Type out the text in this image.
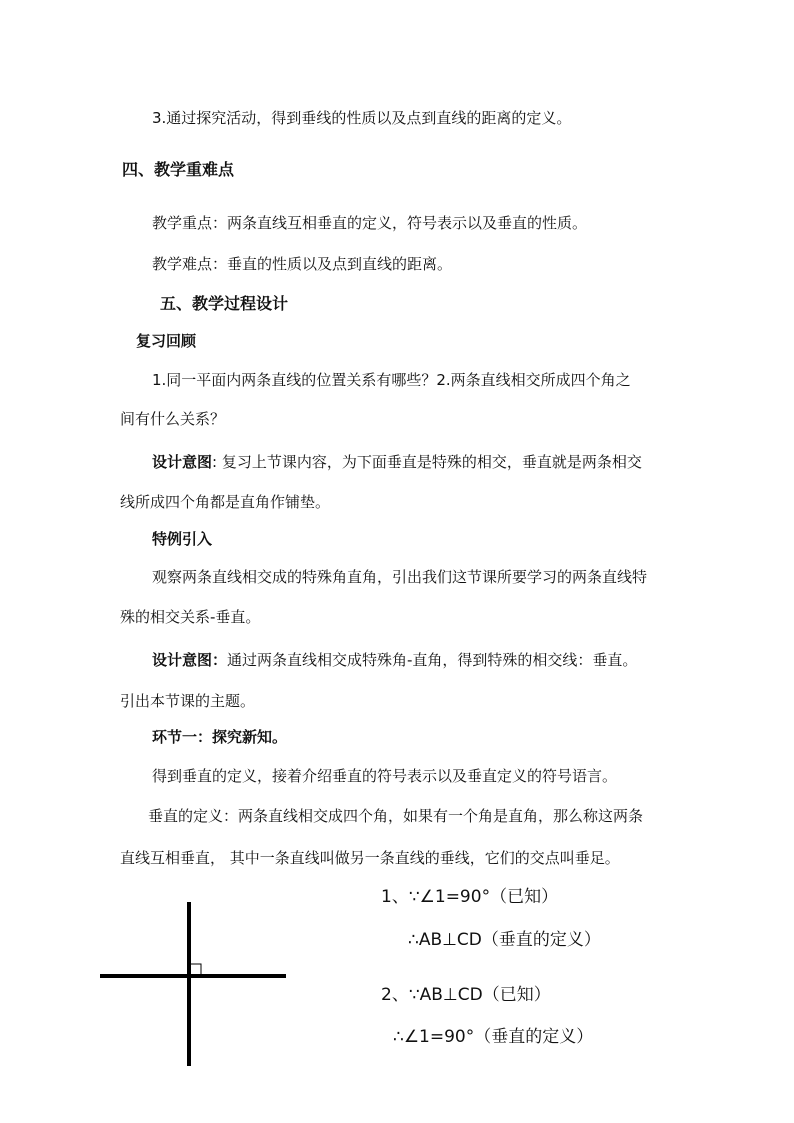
3.通过探究活动，得到垂线的性质以及点到直线的距离的定义。
四、教学重难点
教学重点：两条直线互相垂直的定义，符号表示以及垂直的性质。
教学难点：垂直的性质以及点到直线的距离。
五、教学过程设计
复习回顾
1.同一平面内两条直线的位置关系有哪些？2.两条直线相交所成四个角之
间有什么关系？
设计意图: 复习上节课内容，为下面垂直是特殊的相交，垂直就是两条相交
线所成四个角都是直角作铺垫。
特例引入
观察两条直线相交成的特殊角直角，引出我们这节课所要学习的两条直线特
殊的相交关系-垂直。
设计意图：通过两条直线相交成特殊角-直角，得到特殊的相交线：垂直。
引出本节课的主题。
环节一：探究新知。
得到垂直的定义，接着介绍垂直的符号表示以及垂直定义的符号语言。
垂直的定义：两条直线相交成四个角，如果有一个角是直角，那么称这两条
直线互相垂直， 其中一条直线叫做另一条直线的垂线，它们的交点叫垂足。
1、∵∠1=90°（已知）
∴AB⊥CD（垂直的定义）
2、∵AB⊥CD（已知）
∴∠1=90°（垂直的定义）
